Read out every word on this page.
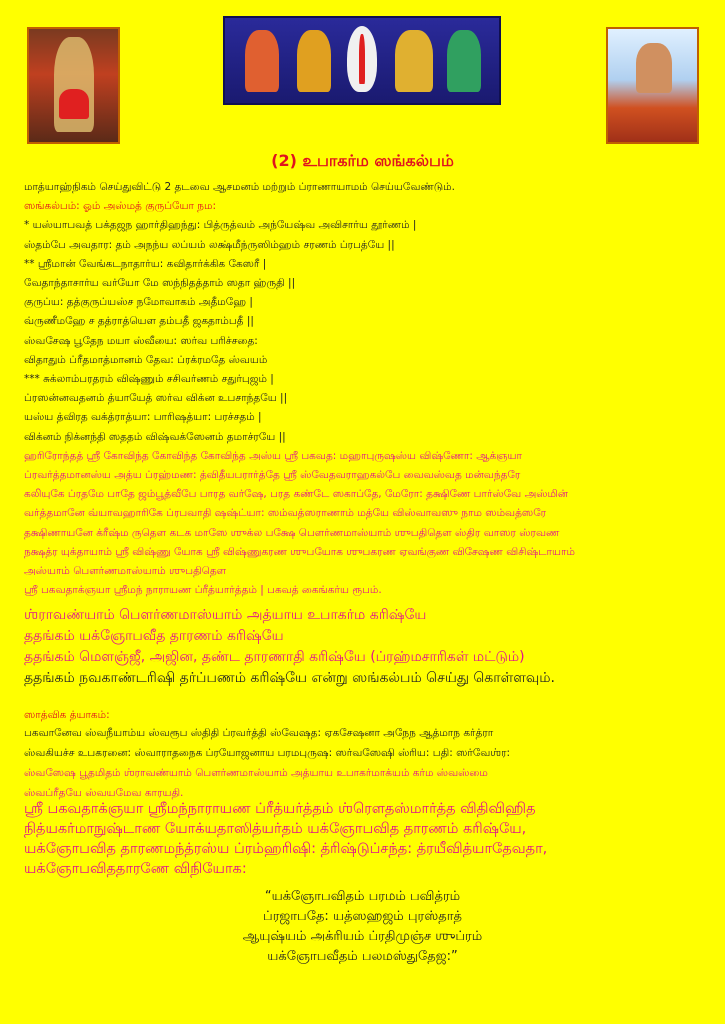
(2) உபாகர்ம ஸங்கல்பம்
மாத்யாஹ்நிகம் செய்துவிட்டு 2 தடவை ஆசமனம் மற்றும் ப்ராணாயாமம் செய்யவேண்டும்.
ஸங்கல்பம்: ஓம் அஸ்மத் குருப்யோ நம:
* யஸ்யாபவத் பக்தஜந ஹார்திஹந்து: பித்ருத்வம் அந்யேஷ்வ அவிசார்ய தூர்ணம் |
ஸ்தம்பே அவதார: தம் அநந்ய லப்யம் லக்ஷ்மீந்ருஸிம்ஹம் சரணம் ப்ரபத்யே ||
** ஸ்ரீமான் வேங்கடநாதார்ய: கவிதார்க்கிக கேஸரீ |
வேதாந்தாசார்ய வர்யோ மே ஸந்நிதத்தாம் ஸதா ஹ்ருதி ||
குருப்ய: தத்குருப்யஸ்ச நமோவாகம் அதீமஹே |
வ்ருணீமஹே ச தத்ராத்யௌ தம்பதீ ஜகதாம்பதீ ||
ஸ்வசேஷ பூதேந மயா ஸ்வீயை: ஸர்வ பரிச்சதை:
விதாதும் ப்ரீதமாத்மானம் தேவ: ப்ரக்ரமதே ஸ்வயம்
*** சுக்லாம்பரதரம் விஷ்ணும் சசிவர்ணம் சதுர்புஜம் |
ப்ரஸன்னவதனம் த்யாயேத் ஸர்வ விக்ன உபசாந்தயே ||
யஸ்ய த்விரத வக்த்ராத்யா: பாரிஷத்யா: பரச்சதம் |
விக்னம் நிக்னந்தி ஸததம் விஷ்வக்ஸேனம் தமாச்ரயே ||
ஹரிரோந்தத் ஸ்ரீ கோவிந்த கோவிந்த கோவிந்த அஸ்ய ஸ்ரீ பகவத: மஹாபுருஷஸ்ய விஷ்ணோ: ஆக்ஞயா
ப்ரவர்த்தமானஸ்ய அத்ய ப்ரஹ்மண: த்விதீயபரார்த்தே ஸ்ரீ ஸ்வேதவராஹகல்பே வைவஸ்வத மன்வந்தரே
கலியுகே ப்ரதமே பாதே ஜம்பூத்வீபே பாரத வர்ஷே, பரத கண்டே ஸகாப்தே, மேரோ: தக்ஷிணே பார்ஸ்வே அஸ்மின்
வர்த்தமானே வ்யாவஹாரிகே ப்ரபவாதி ஷஷ்ட்யா: ஸம்வத்ஸராணாம் மத்யே விஸ்வாவஸு நாம ஸம்வத்ஸரே
தக்ஷிணாயனே க்ரீஷ்ம ருதௌ கடக மாஸே ஶுக்ல பக்ஷே பௌர்ணமாஸ்யாம் ஶுபதிதௌ ஸ்திர வாஸர ஸ்ரவண
நக்ஷத்ர யுக்தாயாம் ஸ்ரீ விஷ்ணு யோக ஸ்ரீ விஷ்ணுகரண ஶுபயோக ஶுபகரண ஏவங்குண விசேஷண விசிஷ்டாயாம்
அஸ்யாம் பௌர்ணமாஸ்யாம் ஶுபதிதௌ
ஸ்ரீ பகவதாக்ஞயா ஸ்ரீமந் நாராயண ப்ரீத்யார்த்தம் | பகவத் கைங்கர்ய ரூபம்.
ஶ்ராவண்யாம் பௌர்ணமாஸ்யாம் அத்யாய உபாகர்ம கரிஷ்யே
ததங்கம் யக்ஞோபவீத தாரணம் கரிஷ்யே
ததங்கம் மௌஞ்ஜீ, அஜின, தண்ட தாரணாதி கரிஷ்யே (ப்ரஹ்மசாரிகள் மட்டும்)
ததங்கம் நவகாண்டரிஷி தர்ப்பணம் கரிஷ்யே என்று ஸங்கல்பம் செய்து கொள்ளவும்.
ஸாத்விக த்யாகம்:
பகவானேவ ஸ்வநீயாம்ய ஸ்வரூப ஸ்திதி ப்ரவர்த்தி ஸ்வேஷத: ஏகசேஷனா அநேந ஆத்மாந கர்த்ரா
ஸ்வகியச்ச உபகரனை: ஸ்வாராதநைக ப்ரயோஜனாய பரமபுருஷ: ஸர்வஸேஷி ஸ்ரிய: பதி: ஸர்வேஶ்ர:
ஸ்வஸேஷ பூதமிதம் ஶ்ராவண்யாம் பௌர்ணமாஸ்யாம் அத்யாய உபாகர்மாக்யம் கர்ம ஸ்வஸ்மை
ஸ்வப்ரீதயே ஸ்வயமேவ காரயதி.
ஸ்ரீ பகவதாக்ஞயா ஸ்ரீமந்நாராயண ப்ரீத்யர்த்தம் ஶ்ரௌதஸ்மார்த்த விதிவிஹித
நித்யகர்மாநுஷ்டாண யோக்யதாஸித்யர்தம் யக்ஞோபவித தாரணம் கரிஷ்யே,
யக்ஞோபவித தாரணமந்த்ரஸ்ய ப்ரம்ஹரிஷி: த்ரிஷ்டுப்சந்த: த்ரயீவித்யாதேவதா,
யக்ஞோபவிததாரணே விநியோக:
“யக்ஞோபவிதம் பரமம் பவித்ரம்
ப்ரஜாபதே: யத்ஸஹஜம் புரஸ்தாத்
ஆயுஷ்யம் அக்ரியம் ப்ரதிமுஞ்ச ஶுப்ரம்
யக்ஞோபவீதம் பலமஸ்துதேஜ:”
